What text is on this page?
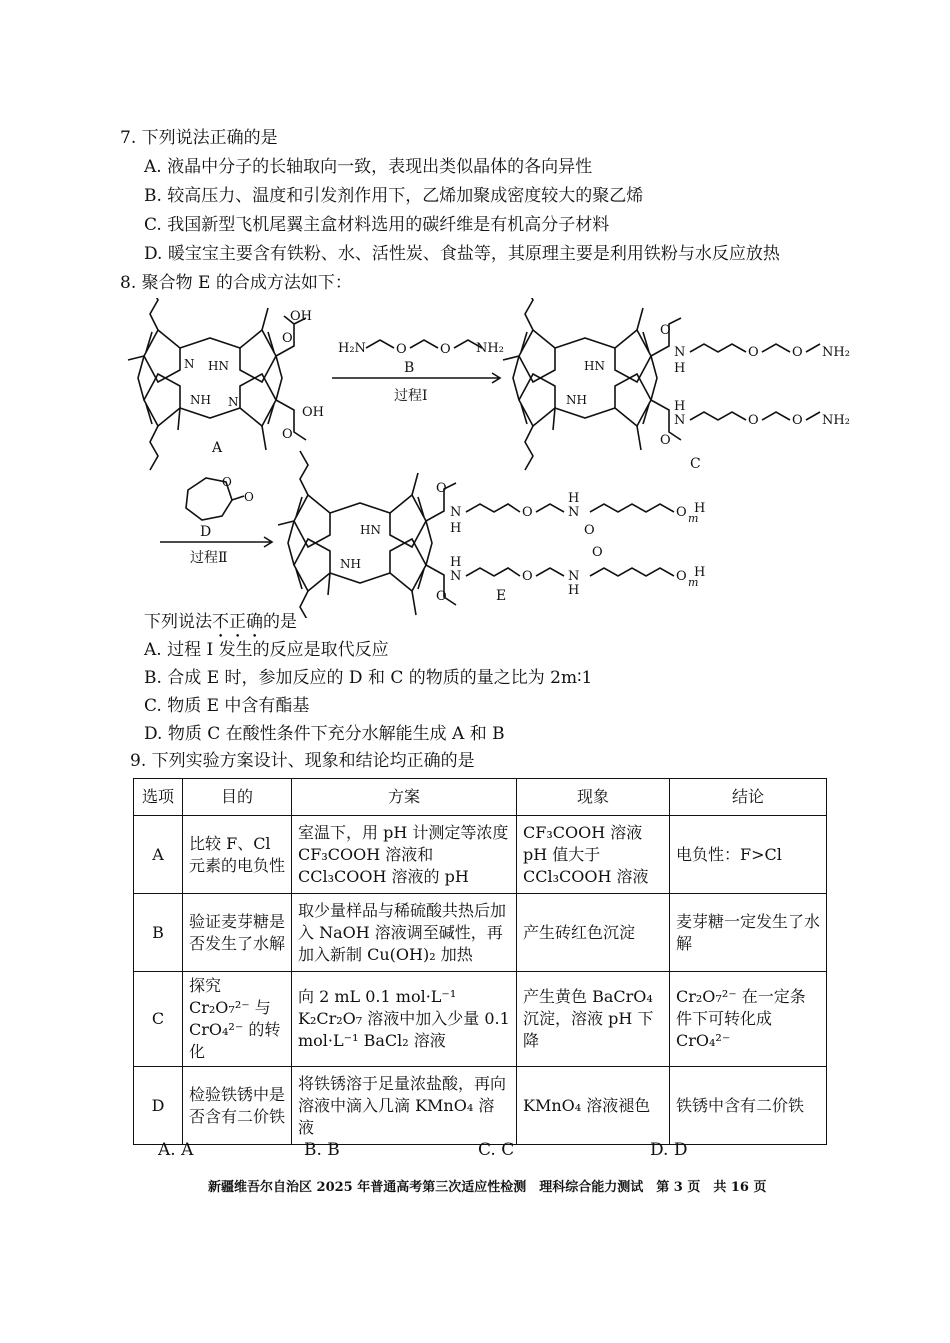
7. 下列说法正确的是
A. 液晶中分子的长轴取向一致，表现出类似晶体的各向异性
B. 较高压力、温度和引发剂作用下，乙烯加聚成密度较大的聚乙烯
C. 我国新型飞机尾翼主盒材料选用的碳纤维是有机高分子材料
D. 暖宝宝主要含有铁粉、水、活性炭、食盐等，其原理主要是利用铁粉与水反应放热
8. 聚合物 E 的合成方法如下：
OH
O
OH
O
HN
NH
N
N
A
H₂N O	O NH₂
B
过程Ⅰ
N
H
O
O	O NH₂
H
N
O
O	O NH₂
HN
NH
C
O
O
D
过程Ⅱ
N
H
O
O
H
N
O
O m
H
H
N
O
O	N
H
O
O m
H
HN
NH
E
下列说法不正确的是
A. 过程 Ⅰ 发生的反应是取代反应
B. 合成 E 时，参加反应的 D 和 C 的物质的量之比为 2m∶1
C. 物质 E 中含有酯基
D. 物质 C 在酸性条件下充分水解能生成 A 和 B
9. 下列实验方案设计、现象和结论均正确的是
选项	目的	方案	现象	结论
A	比较 F、Cl 元素的电负性	室温下，用 pH 计测定等浓度 CF₃COOH 溶液和 CCl₃COOH 溶液的 pH	CF₃COOH 溶液 pH 值大于 CCl₃COOH 溶液	电负性：F>Cl
B	验证麦芽糖是否发生了水解	取少量样品与稀硫酸共热后加入 NaOH 溶液调至碱性，再加入新制 Cu(OH)₂ 加热	产生砖红色沉淀	麦芽糖一定发生了水解
C	探究 Cr₂O₇²⁻ 与 CrO₄²⁻ 的转化	向 2 mL 0.1 mol·L⁻¹ K₂Cr₂O₇ 溶液中加入少量 0.1 mol·L⁻¹ BaCl₂ 溶液	产生黄色 BaCrO₄ 沉淀，溶液 pH 下降	Cr₂O₇²⁻ 在一定条件下可转化成 CrO₄²⁻
D	检验铁锈中是否含有二价铁	将铁锈溶于足量浓盐酸，再向溶液中滴入几滴 KMnO₄ 溶液	KMnO₄ 溶液褪色	铁锈中含有二价铁
A. A	B. B	C. C	D. D
新疆维吾尔自治区 2025 年普通高考第三次适应性检测　理科综合能力测试　第 3 页　共 16 页
